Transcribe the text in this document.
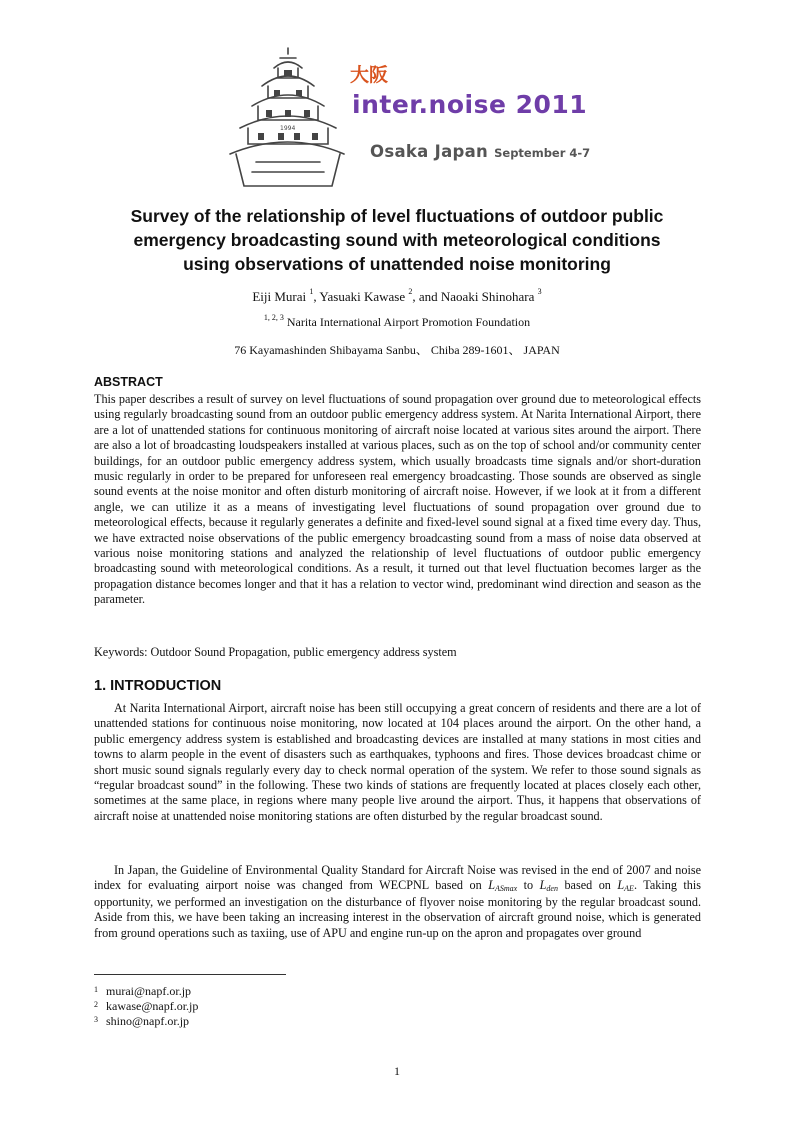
1994
大阪
inter.noise 2011
Osaka Japan September 4-7
Survey of the relationship of level fluctuations of outdoor public
emergency broadcasting sound with meteorological conditions
using observations of unattended noise monitoring
Eiji Murai $^1$, Yasuaki Kawase $^2$, and Naoaki Shinohara $^3$
$^{1, 2, 3}$ Narita International Airport Promotion Foundation
76 Kayamashinden Shibayama Sanbu、 Chiba 289-1601、 JAPAN
ABSTRACT
This paper describes a result of survey on level fluctuations of sound propagation over ground due to meteorological effects using regularly broadcasting sound from an outdoor public emergency address system. At Narita International Airport, there are a lot of unattended stations for continuous monitoring of aircraft noise located at various sites around the airport. There are also a lot of broadcasting loudspeakers installed at various places, such as on the top of school and/or community center buildings, for an outdoor public emergency address system, which usually broadcasts time signals and/or short-duration music regularly in order to be prepared for unforeseen real emergency broadcasting. Those sounds are observed as single sound events at the noise monitor and often disturb monitoring of aircraft noise. However, if we look at it from a different angle, we can utilize it as a means of investigating level fluctuations of sound propagation over ground due to meteorological effects, because it regularly generates a definite and fixed-level sound signal at a fixed time every day. Thus, we have extracted noise observations of the public emergency broadcasting sound from a mass of noise data observed at various noise monitoring stations and analyzed the relationship of level fluctuations of outdoor public emergency broadcasting sound with meteorological conditions. As a result, it turned out that level fluctuation becomes larger as the propagation distance becomes longer and that it has a relation to vector wind, predominant wind direction and season as the parameter.
Keywords: Outdoor Sound Propagation, public emergency address system
1. INTRODUCTION
At Narita International Airport, aircraft noise has been still occupying a great concern of residents and there are a lot of unattended stations for continuous noise monitoring, now located at 104 places around the airport. On the other hand, a public emergency address system is established and broadcasting devices are installed at many stations in most cities and towns to alarm people in the event of disasters such as earthquakes, typhoons and fires. Those devices broadcast chime or short music sound signals regularly every day to check normal operation of the system. We refer to those sound signals as “regular broadcast sound” in the following. These two kinds of stations are frequently located at places closely each other, sometimes at the same place, in regions where many people live around the airport. Thus, it happens that observations of aircraft noise at unattended noise monitoring stations are often disturbed by the regular broadcast sound.
In Japan, the Guideline of Environmental Quality Standard for Aircraft Noise was revised in the end of 2007 and noise index for evaluating airport noise was changed from WECPNL based on $L_{ASmax}$ to $L_{den}$ based on $L_{AE}$. Taking this opportunity, we performed an investigation on the disturbance of flyover noise monitoring by the regular broadcast sound. Aside from this, we have been taking an increasing interest in the observation of aircraft ground noise, which is generated from ground operations such as taxiing, use of APU and engine run-up on the apron and propagates over ground
$^1$ murai@napf.or.jp
$^2$ kawase@napf.or.jp
$^3$ shino@napf.or.jp
1
